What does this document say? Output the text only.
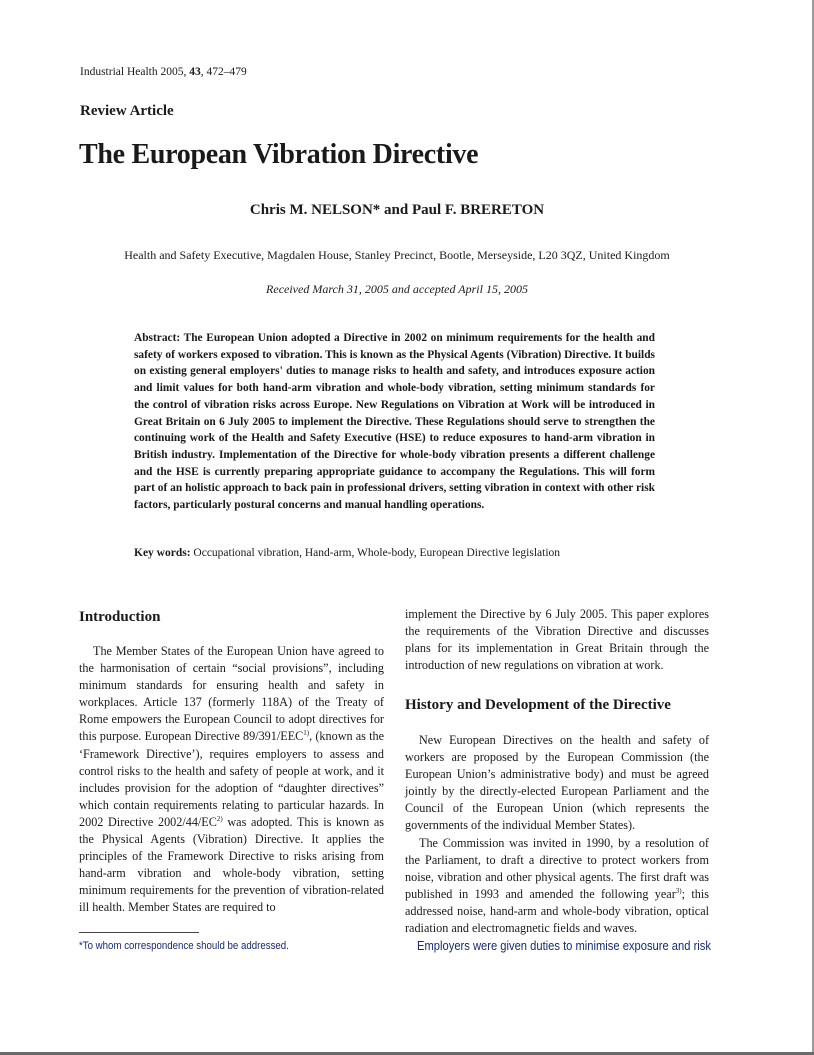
Industrial Health 2005, 43, 472–479
Review Article
The European Vibration Directive
Chris M. NELSON* and Paul F. BRERETON
Health and Safety Executive, Magdalen House, Stanley Precinct, Bootle, Merseyside, L20 3QZ, United Kingdom
Received March 31, 2005 and accepted April 15, 2005
Abstract: The European Union adopted a Directive in 2002 on minimum requirements for the health and safety of workers exposed to vibration. This is known as the Physical Agents (Vibration) Directive. It builds on existing general employers' duties to manage risks to health and safety, and introduces exposure action and limit values for both hand-arm vibration and whole-body vibration, setting minimum standards for the control of vibration risks across Europe. New Regulations on Vibration at Work will be introduced in Great Britain on 6 July 2005 to implement the Directive. These Regulations should serve to strengthen the continuing work of the Health and Safety Executive (HSE) to reduce exposures to hand-arm vibration in British industry. Implementation of the Directive for whole-body vibration presents a different challenge and the HSE is currently preparing appropriate guidance to accompany the Regulations. This will form part of an holistic approach to back pain in professional drivers, setting vibration in context with other risk factors, particularly postural concerns and manual handling operations.
Key words: Occupational vibration, Hand-arm, Whole-body, European Directive legislation
Introduction

The Member States of the European Union have agreed to the harmonisation of certain “social provisions”, including minimum standards for ensuring health and safety in workplaces. Article 137 (formerly 118A) of the Treaty of Rome empowers the European Council to adopt directives for this purpose. European Directive 89/391/EEC$^{1)}$, (known as the ‘Framework Directive’), requires employers to assess and control risks to the health and safety of people at work, and it includes provision for the adoption of “daughter directives” which contain requirements relating to particular hazards. In 2002 Directive 2002/44/EC$^{2)}$ was adopted. This is known as the Physical Agents (Vibration) Directive. It applies the principles of the Framework Directive to risks arising from hand-arm vibration and whole-body vibration, setting minimum requirements for the prevention of vibration-related ill health. Member States are required to

implement the Directive by 6 July 2005. This paper explores the requirements of the Vibration Directive and discusses plans for its implementation in Great Britain through the introduction of new regulations on vibration at work.

History and Development of the Directive

New European Directives on the health and safety of workers are proposed by the European Commission (the European Union’s administrative body) and must be agreed jointly by the directly-elected European Parliament and the Council of the European Union (which represents the governments of the individual Member States).

The Commission was invited in 1990, by a resolution of the Parliament, to draft a directive to protect workers from noise, vibration and other physical agents. The first draft was published in 1993 and amended the following year$^{3)}$; this addressed noise, hand-arm and whole-body vibration, optical radiation and electromagnetic fields and waves.
Employers were given duties to minimise exposure and risk

*To whom correspondence should be addressed.
